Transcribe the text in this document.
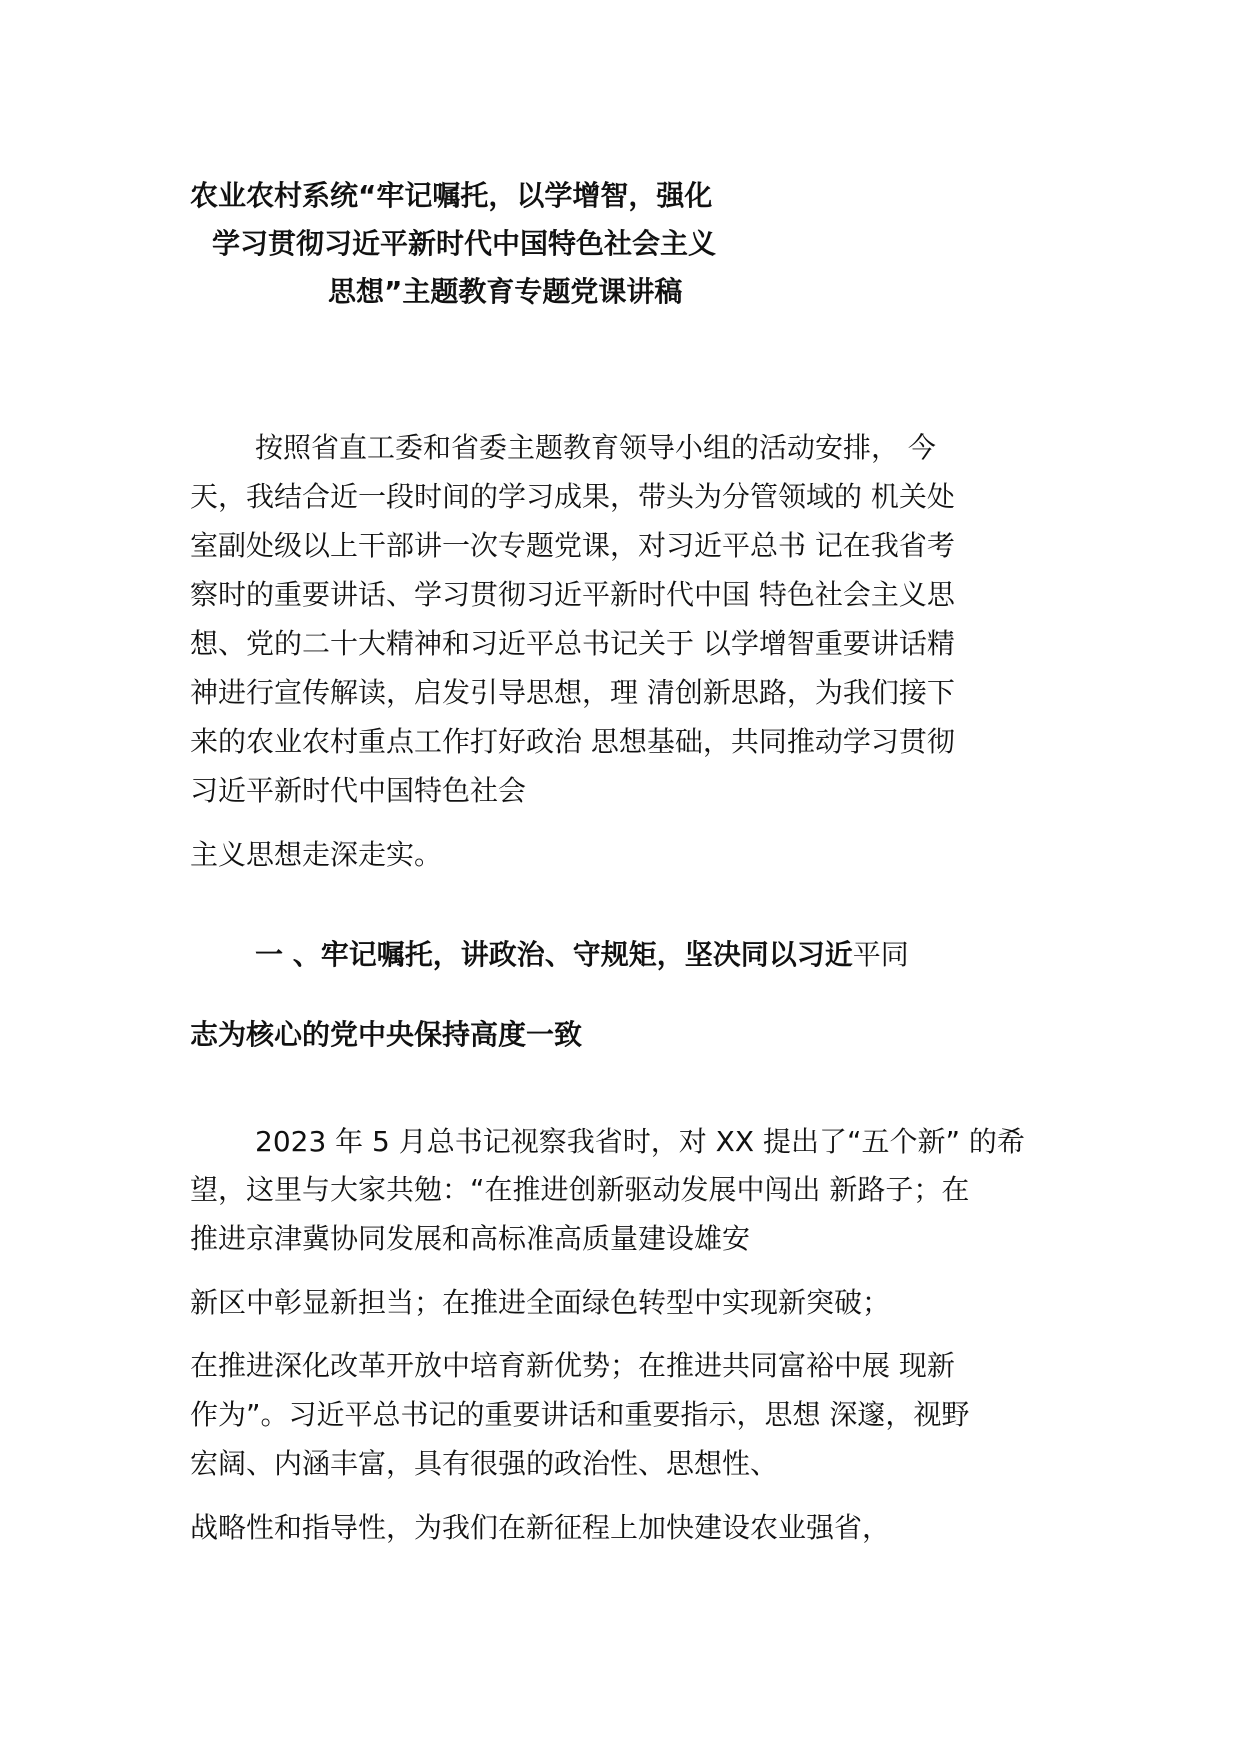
农业农村系统“牢记嘱托，以学增智，强化
学习贯彻习近平新时代中国特色社会主义
思想”主题教育专题党课讲稿
按照省直工委和省委主题教育领导小组的活动安排， 今
天，我结合近一段时间的学习成果，带头为分管领域的 机关处
室副处级以上干部讲一次专题党课，对习近平总书 记在我省考
察时的重要讲话、学习贯彻习近平新时代中国 特色社会主义思
想、党的二十大精神和习近平总书记关于 以学增智重要讲话精
神进行宣传解读，启发引导思想，理 清创新思路，为我们接下
来的农业农村重点工作打好政治 思想基础，共同推动学习贯彻
习近平新时代中国特色社会
主义思想走深走实。
一 、牢记嘱托，讲政治、守规矩，坚决同以习近平同
志为核心的党中央保持高度一致
2023 年 5 月总书记视察我省时，对 XX 提出了“五个新” 的希
望，这里与大家共勉：“在推进创新驱动发展中闯出 新路子；在
推进京津冀协同发展和高标准高质量建设雄安
新区中彰显新担当；在推进全面绿色转型中实现新突破；
在推进深化改革开放中培育新优势；在推进共同富裕中展 现新
作为”。习近平总书记的重要讲话和重要指示，思想 深邃，视野
宏阔、内涵丰富，具有很强的政治性、思想性、
战略性和指导性，为我们在新征程上加快建设农业强省，
